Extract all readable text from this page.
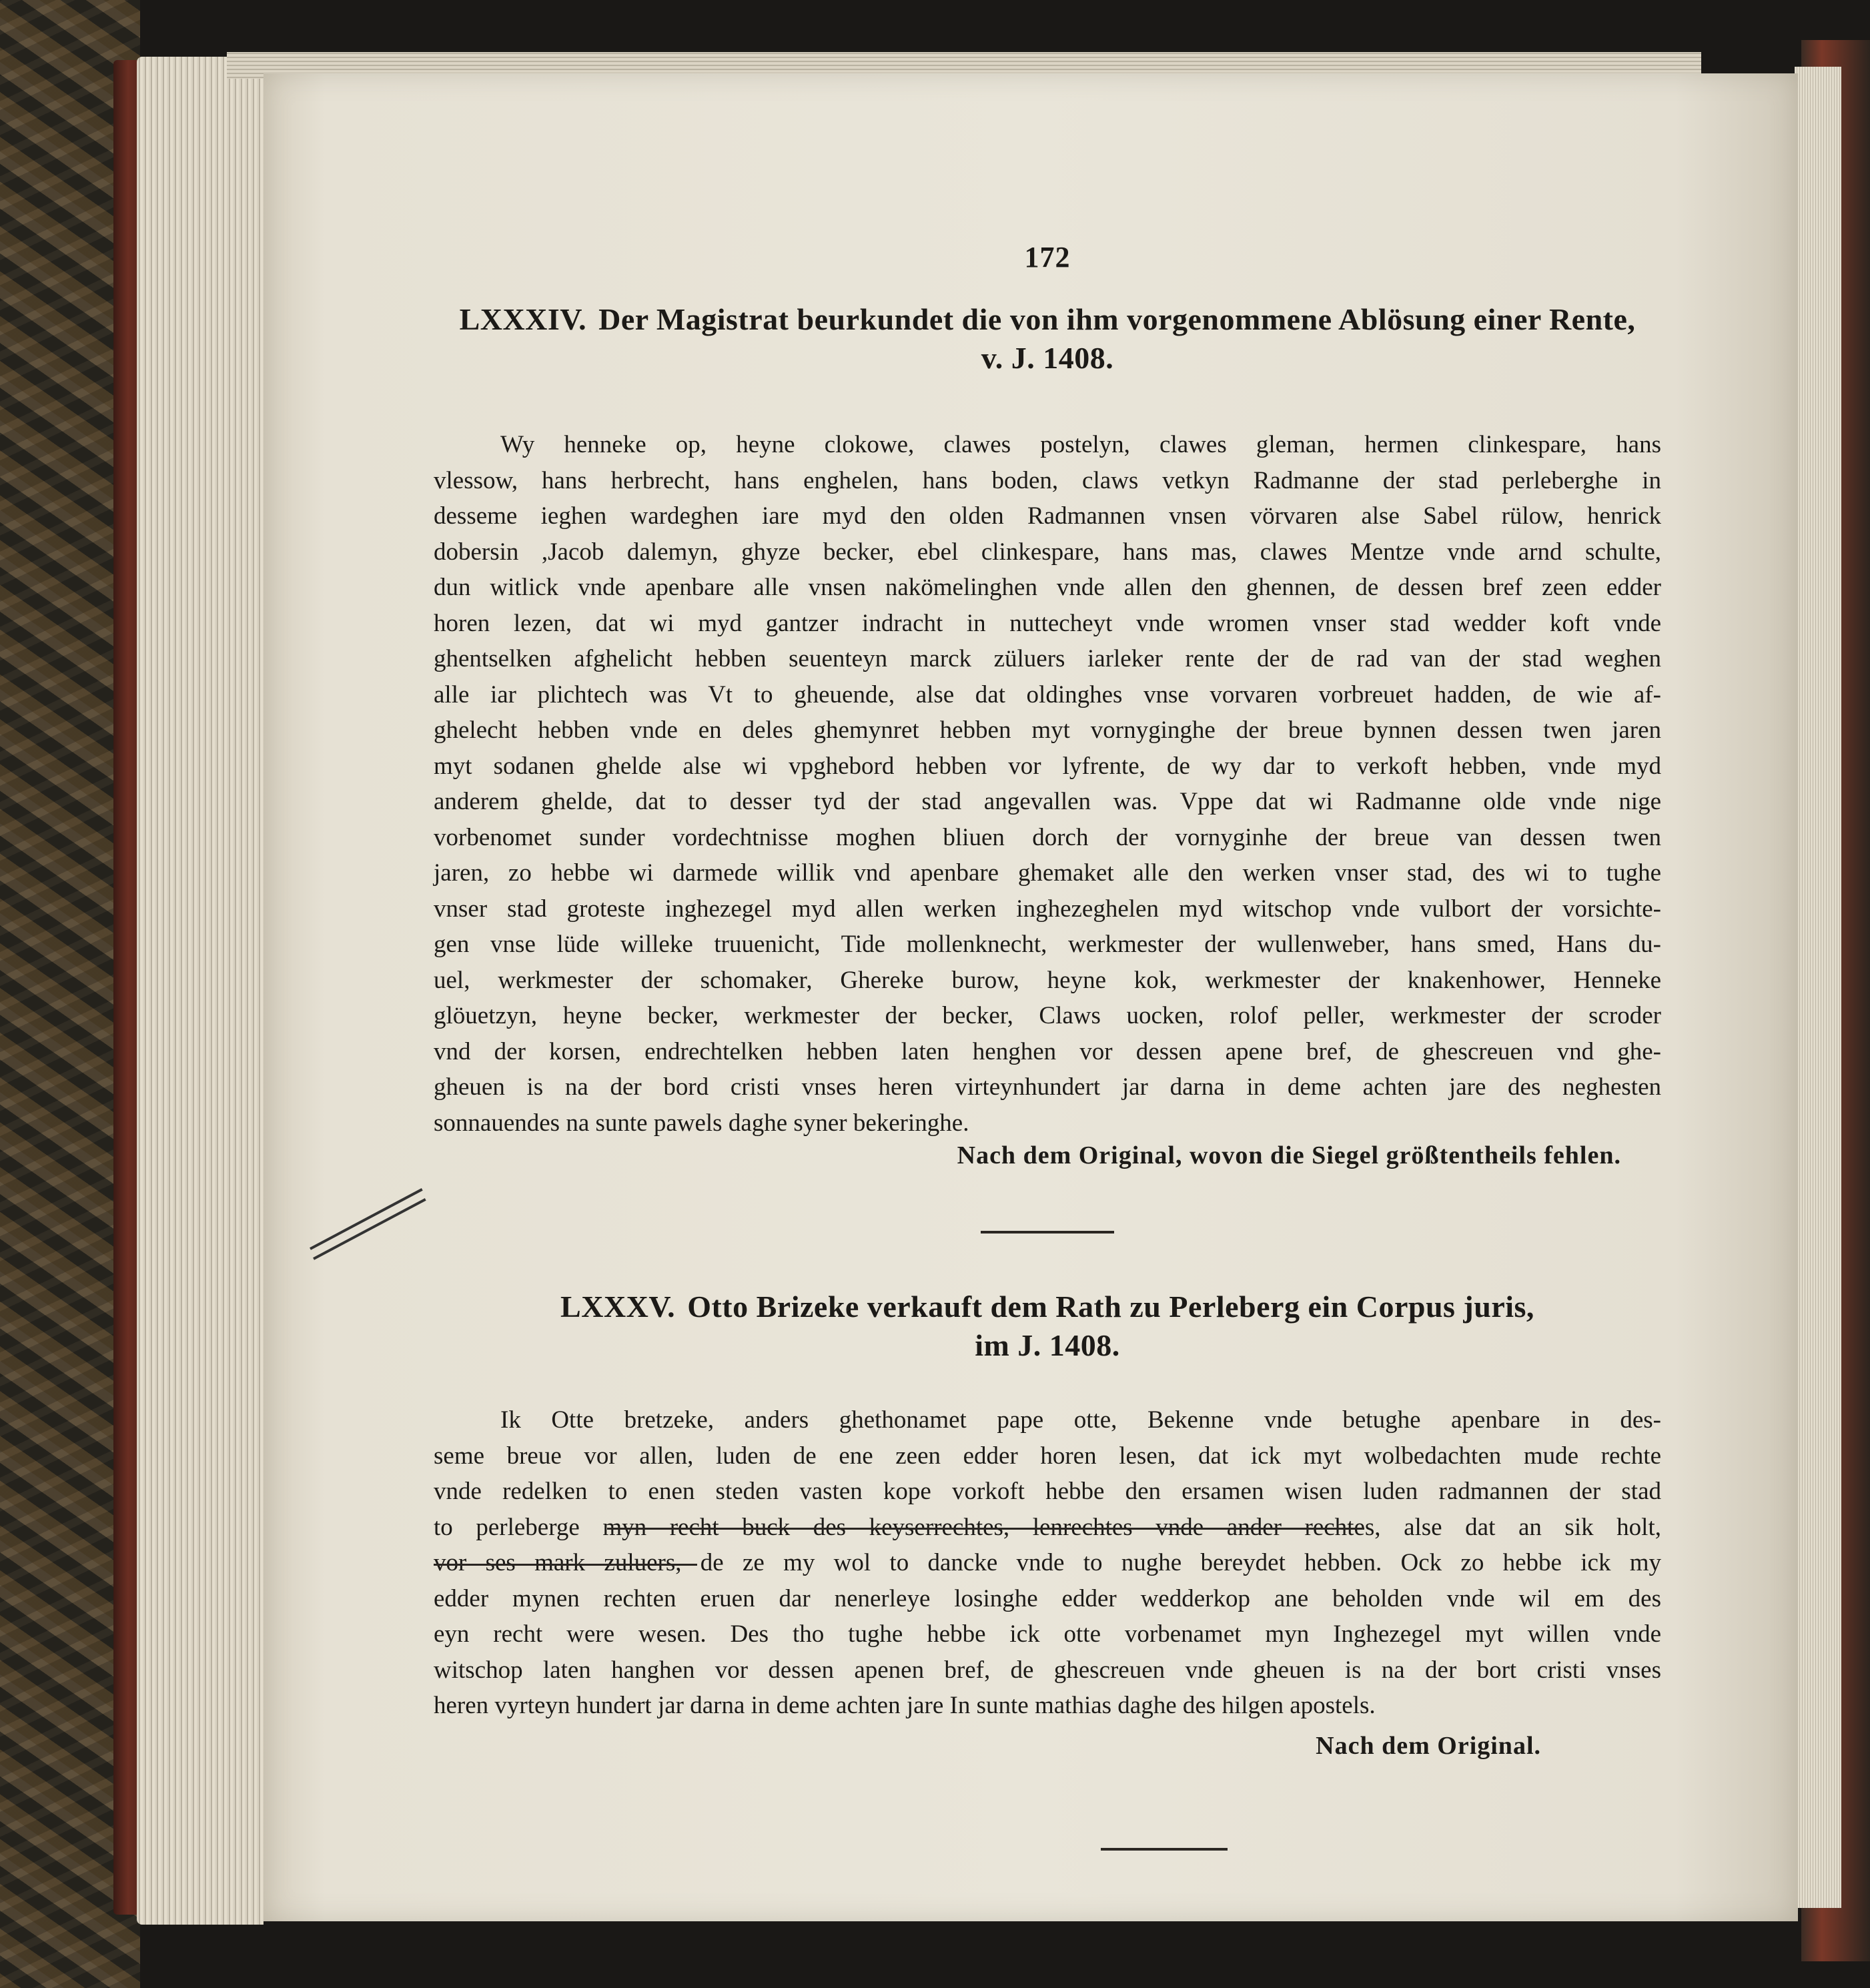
172
LXXXIV. Der Magistrat beurkundet die von ihm vorgenommene Ablösung einer Rente,
v. J. 1408.
Wy henneke op, heyne clokowe, clawes postelyn, clawes gleman, hermen clinkespare, hans
vlessow, hans herbrecht, hans enghelen, hans boden, claws vetkyn Radmanne der stad perleberghe in
desseme ieghen wardeghen iare myd den olden Radmannen vnsen vörvaren alse Sabel rülow, henrick
dobersin ,Jacob dalemyn, ghyze becker, ebel clinkespare, hans mas, clawes Mentze vnde arnd schulte,
dun witlick vnde apenbare alle vnsen nakömelinghen vnde allen den ghennen, de dessen bref zeen edder
horen lezen, dat wi myd gantzer indracht in nuttecheyt vnde wromen vnser stad wedder koft vnde
ghentselken afghelicht hebben seuenteyn marck züluers iarleker rente der de rad van der stad weghen
alle iar plichtech was Vt to gheuende, alse dat oldinghes vnse vorvaren vorbreuet hadden, de wie af-
ghelecht hebben vnde en deles ghemynret hebben myt vornyginghe der breue bynnen dessen twen jaren
myt sodanen ghelde alse wi vpghebord hebben vor lyfrente, de wy dar to verkoft hebben, vnde myd
anderem ghelde, dat to desser tyd der stad angevallen was. Vppe dat wi Radmanne olde vnde nige
vorbenomet sunder vordechtnisse moghen bliuen dorch der vornyginhe der breue van dessen twen
jaren, zo hebbe wi darmede willik vnd apenbare ghemaket alle den werken vnser stad, des wi to tughe
vnser stad groteste inghezegel myd allen werken inghezeghelen myd witschop vnde vulbort der vorsichte-
gen vnse lüde willeke truuenicht, Tide mollenknecht, werkmester der wullenweber, hans smed, Hans du-
uel, werkmester der schomaker, Ghereke burow, heyne kok, werkmester der knakenhower, Henneke
glöuetzyn, heyne becker, werkmester der becker, Claws uocken, rolof peller, werkmester der scroder
vnd der korsen, endrechtelken hebben laten henghen vor dessen apene bref, de ghescreuen vnd ghe-
gheuen is na der bord cristi vnses heren virteynhundert jar darna in deme achten jare des neghesten
sonnauendes na sunte pawels daghe syner bekeringhe.
Nach dem Original, wovon die Siegel größtentheils fehlen.
LXXXV. Otto Brizeke verkauft dem Rath zu Perleberg ein Corpus juris,
im J. 1408.
Ik Otte bretzeke, anders ghethonamet pape otte, Bekenne vnde betughe apenbare in des-
seme breue vor allen, luden de ene zeen edder horen lesen, dat ick myt wolbedachten mude rechte
vnde redelken to enen steden vasten kope vorkoft hebbe den ersamen wisen luden radmannen der stad
to perleberge myn recht buck des keyserrechtes, lenrechtes vnde ander rechtes, alse dat an sik holt,
vor ses mark zuluers, de ze my wol to dancke vnde to nughe bereydet hebben. Ock zo hebbe ick my
edder mynen rechten eruen dar nenerleye losinghe edder wedderkop ane beholden vnde wil em des
eyn recht were wesen. Des tho tughe hebbe ick otte vorbenamet myn Inghezegel myt willen vnde
witschop laten hanghen vor dessen apenen bref, de ghescreuen vnde gheuen is na der bort cristi vnses
heren vyrteyn hundert jar darna in deme achten jare In sunte mathias daghe des hilgen apostels.
Nach dem Original.
